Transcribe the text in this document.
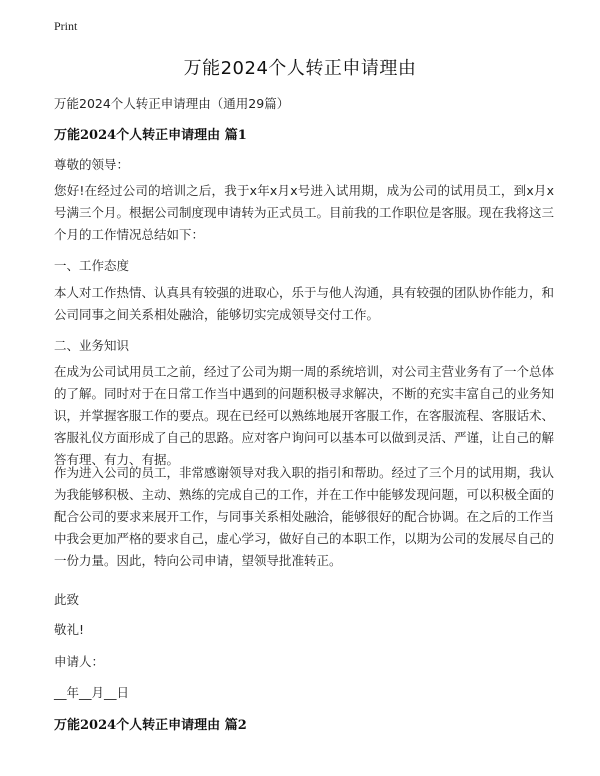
Print
万能2024个人转正申请理由
万能2024个人转正申请理由（通用29篇）
万能2024个人转正申请理由 篇1
尊敬的领导：
您好!在经过公司的培训之后，我于x年x月x号进入试用期，成为公司的试用员工，到x月x号满三个月。根据公司制度现申请转为正式员工。目前我的工作职位是客服。现在我将这三个月的工作情况总结如下：
一、工作态度
本人对工作热情、认真具有较强的进取心，乐于与他人沟通，具有较强的团队协作能力，和公司同事之间关系相处融洽，能够切实完成领导交付工作。
二、业务知识
在成为公司试用员工之前，经过了公司为期一周的系统培训，对公司主营业务有了一个总体的了解。同时对于在日常工作当中遇到的问题积极寻求解决，不断的充实丰富自己的业务知识，并掌握客服工作的要点。现在已经可以熟练地展开客服工作，在客服流程、客服话术、客服礼仪方面形成了自己的思路。应对客户询问可以基本可以做到灵活、严谨，让自己的解答有理、有力、有据。
作为进入公司的员工，非常感谢领导对我入职的指引和帮助。经过了三个月的试用期，我认为我能够积极、主动、熟练的完成自己的工作，并在工作中能够发现问题，可以积极全面的配合公司的要求来展开工作，与同事关系相处融洽，能够很好的配合协调。在之后的工作当中我会更加严格的要求自己，虚心学习，做好自己的本职工作，以期为公司的发展尽自己的一份力量。因此，特向公司申请，望领导批准转正。
此致
敬礼!
申请人：
__年__月__日
万能2024个人转正申请理由 篇2
